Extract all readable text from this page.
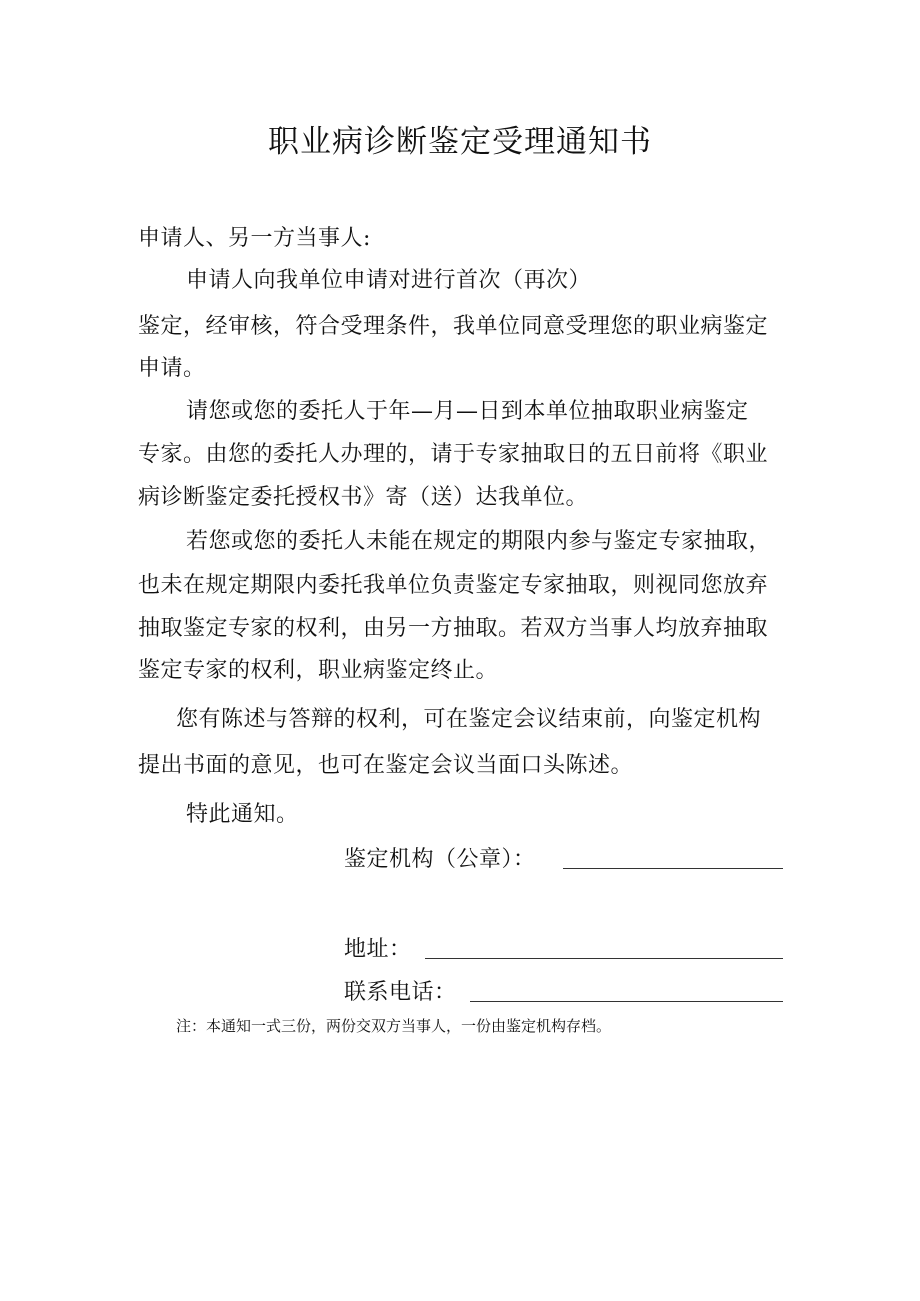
职业病诊断鉴定受理通知书
申请人、另一方当事人:
申请人向我单位申请对进行首次（再次）
鉴定，经审核，符合受理条件，我单位同意受理您的职业病鉴定
申请。
请您或您的委托人于年—月—日到本单位抽取职业病鉴定
专家。由您的委托人办理的，请于专家抽取日的五日前将《职业
病诊断鉴定委托授权书》寄（送）达我单位。
若您或您的委托人未能在规定的期限内参与鉴定专家抽取，
也未在规定期限内委托我单位负责鉴定专家抽取，则视同您放弃
抽取鉴定专家的权利，由另一方抽取。若双方当事人均放弃抽取
鉴定专家的权利，职业病鉴定终止。
您有陈述与答辩的权利，可在鉴定会议结束前，向鉴定机构
提出书面的意见，也可在鉴定会议当面口头陈述。
特此通知。
鉴定机构（公章）：
地址：
联系电话：
注：本通知一式三份，两份交双方当事人，一份由鉴定机构存档。
